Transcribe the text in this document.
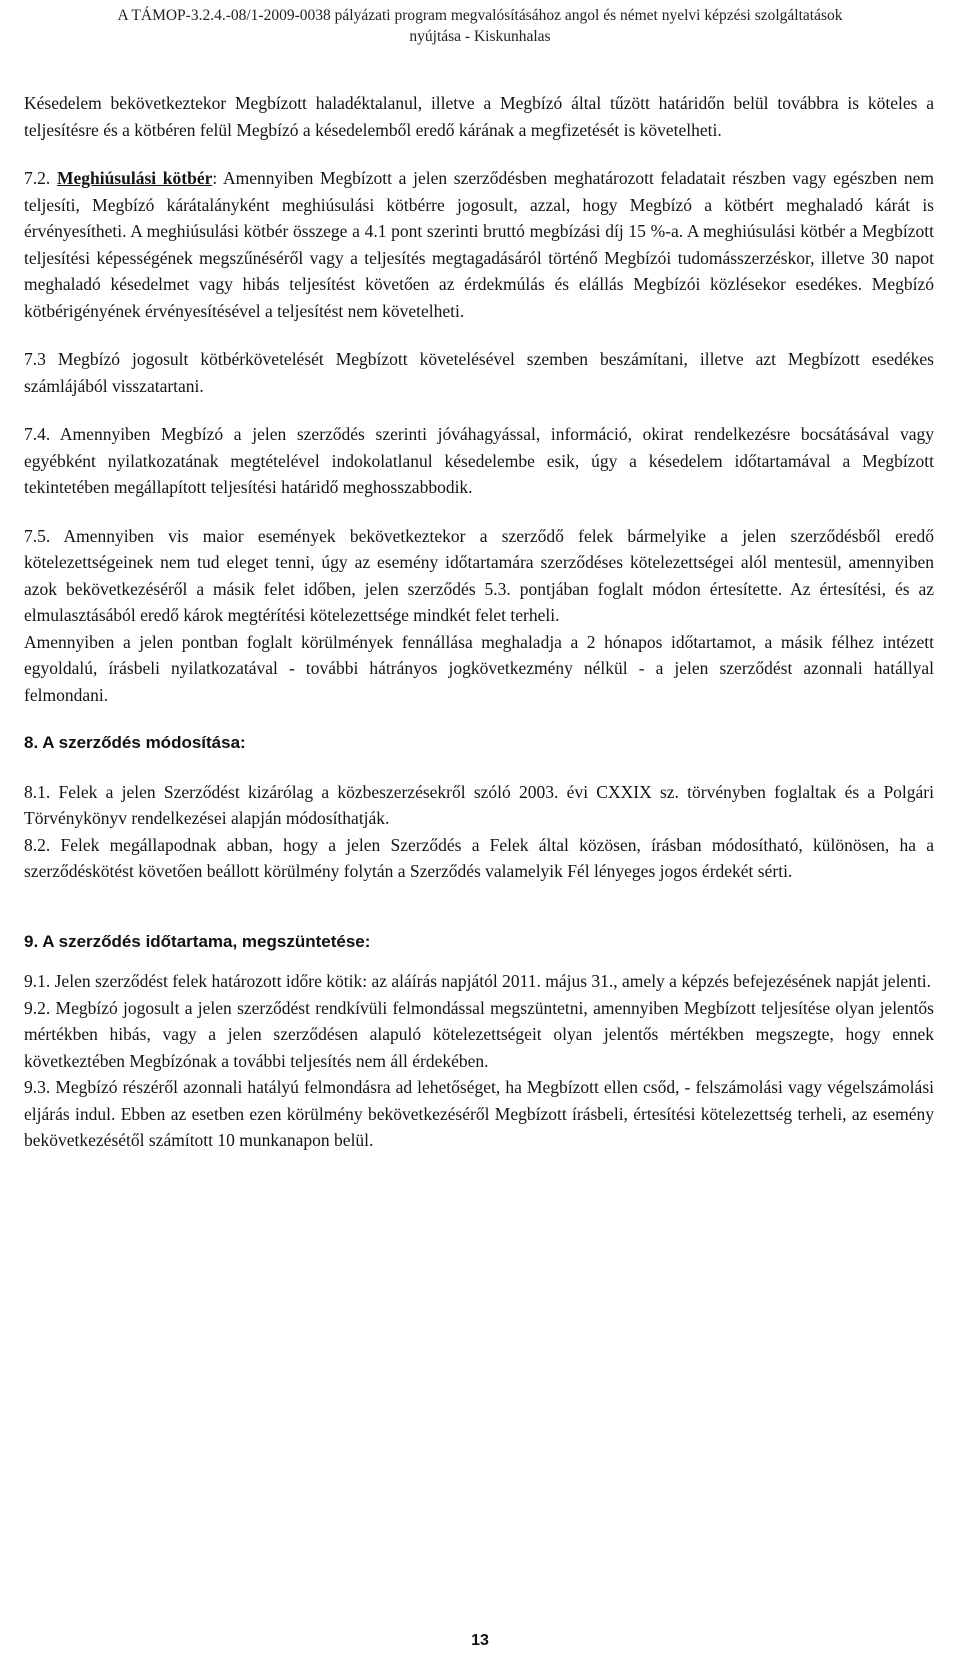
A TÁMOP-3.2.4.-08/1-2009-0038 pályázati program megvalósításához angol és német nyelvi képzési szolgáltatások
nyújtása - Kiskunhalas

Késedelem bekövetkeztekor Megbízott haladéktalanul, illetve a Megbízó által tűzött határidőn belül továbbra is köteles a teljesítésre és a kötbéren felül Megbízó a késedelemből eredő kárának a megfizetését is követelheti.

7.2. Meghiúsulási kötbér: Amennyiben Megbízott a jelen szerződésben meghatározott feladatait részben vagy egészben nem teljesíti, Megbízó kárátalányként meghiúsulási kötbérre jogosult, azzal, hogy Megbízó a kötbért meghaladó kárát is érvényesítheti. A meghiúsulási kötbér összege a 4.1 pont szerinti bruttó megbízási díj 15 %-a. A meghiúsulási kötbér a Megbízott teljesítési képességének megszűnéséről vagy a teljesítés megtagadásáról történő Megbízói tudomásszerzéskor, illetve 30 napot meghaladó késedelmet vagy hibás teljesítést követően az érdekmúlás és elállás Megbízói közlésekor esedékes. Megbízó kötbérigényének érvényesítésével a teljesítést nem követelheti.

7.3 Megbízó jogosult kötbérkövetelését Megbízott követelésével szemben beszámítani, illetve azt Megbízott esedékes számlájából visszatartani.

7.4. Amennyiben Megbízó a jelen szerződés szerinti jóváhagyással, információ, okirat rendelkezésre bocsátásával vagy egyébként nyilatkozatának megtételével indokolatlanul késedelembe esik, úgy a késedelem időtartamával a Megbízott tekintetében megállapított teljesítési határidő meghosszabbodik.

7.5. Amennyiben vis maior események bekövetkeztekor a szerződő felek bármelyike a jelen szerződésből eredő kötelezettségeinek nem tud eleget tenni, úgy az esemény időtartamára szerződéses kötelezettségei alól mentesül, amennyiben azok bekövetkezéséről a másik felet időben, jelen szerződés 5.3. pontjában foglalt módon értesítette. Az értesítési, és az elmulasztásából eredő károk megtérítési kötelezettsége mindkét felet terheli.

Amennyiben a jelen pontban foglalt körülmények fennállása meghaladja a 2 hónapos időtartamot, a másik félhez intézett egyoldalú, írásbeli nyilatkozatával - további hátrányos jogkövetkezmény nélkül - a jelen szerződést azonnali hatállyal felmondani.

8. A szerződés módosítása:

8.1. Felek a jelen Szerződést kizárólag a közbeszerzésekről szóló 2003. évi CXXIX sz. törvényben foglaltak és a Polgári Törvénykönyv rendelkezései alapján módosíthatják.

8.2. Felek megállapodnak abban, hogy a jelen Szerződés a Felek által közösen, írásban módosítható, különösen, ha a szerződéskötést követően beállott körülmény folytán a Szerződés valamelyik Fél lényeges jogos érdekét sérti.

9. A szerződés időtartama, megszüntetése:

9.1. Jelen szerződést felek határozott időre kötik: az aláírás napjától 2011. május 31., amely a képzés befejezésének napját jelenti.

9.2. Megbízó jogosult a jelen szerződést rendkívüli felmondással megszüntetni, amennyiben Megbízott teljesítése olyan jelentős mértékben hibás, vagy a jelen szerződésen alapuló kötelezettségeit olyan jelentős mértékben megszegte, hogy ennek következtében Megbízónak a további teljesítés nem áll érdekében.

9.3. Megbízó részéről azonnali hatályú felmondásra ad lehetőséget, ha Megbízott ellen csőd, - felszámolási vagy végelszámolási eljárás indul. Ebben az esetben ezen körülmény bekövetkezéséről Megbízott írásbeli, értesítési kötelezettség terheli, az esemény bekövetkezésétől számított 10 munkanapon belül.

13
